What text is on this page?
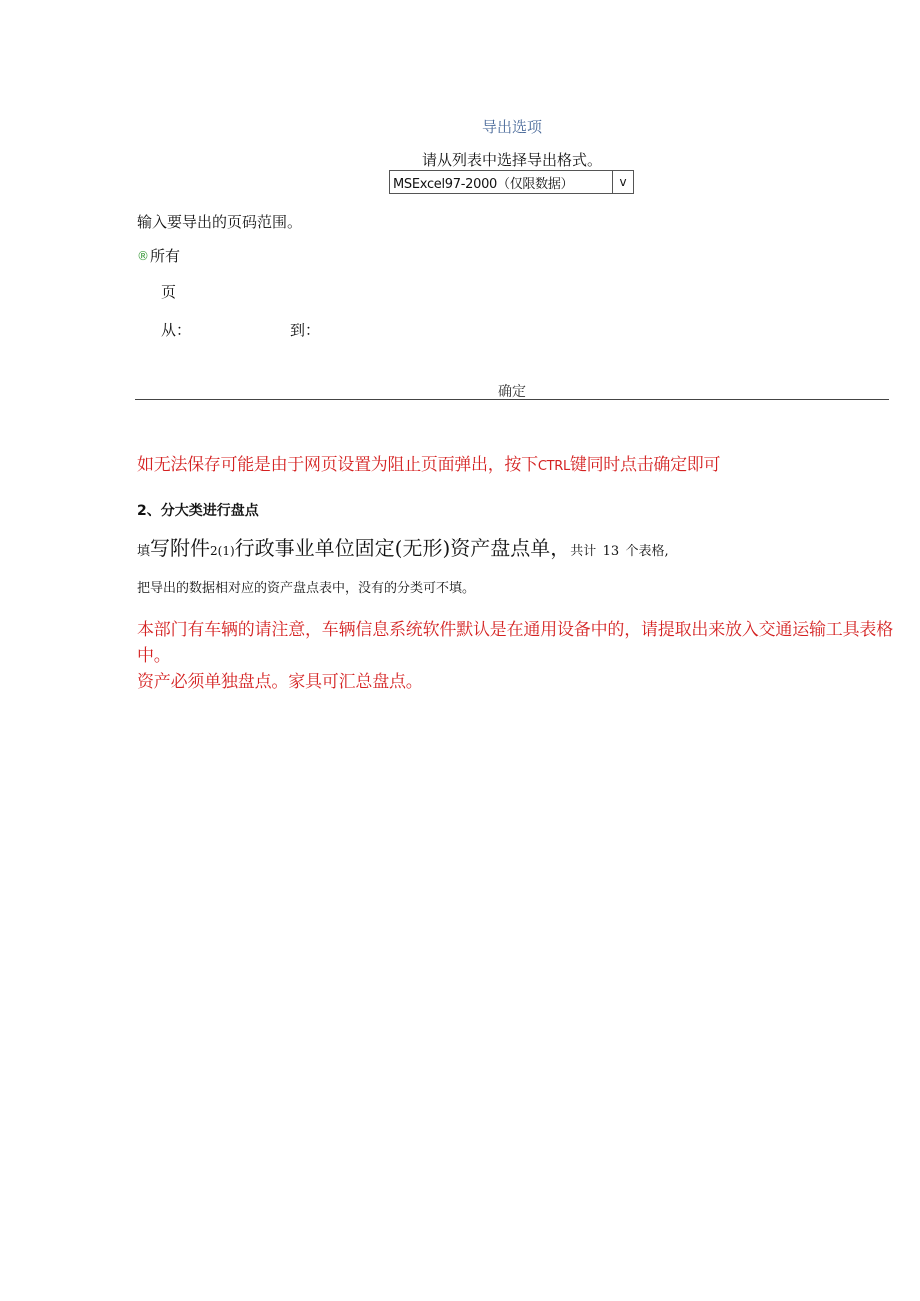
导出选项
请从列表中选择导出格式。
MSExcel97-2000（仅限数据）	v
输入要导出的页码范围。
® 所有
页
从：	到：
确定
如无法保存可能是由于网页设置为阻止页面弹出，按下CTRL键同时点击确定即可
2、分大类进行盘点
填写附件2(1)行政事业单位固定(无形)资产盘点单，共计 13 个表格,
把导出的数据相对应的资产盘点表中，没有的分类可不填。
本部门有车辆的请注意，车辆信息系统软件默认是在通用设备中的，请提取出来放入交通运输工具表格中。
资产必须单独盘点。家具可汇总盘点。
